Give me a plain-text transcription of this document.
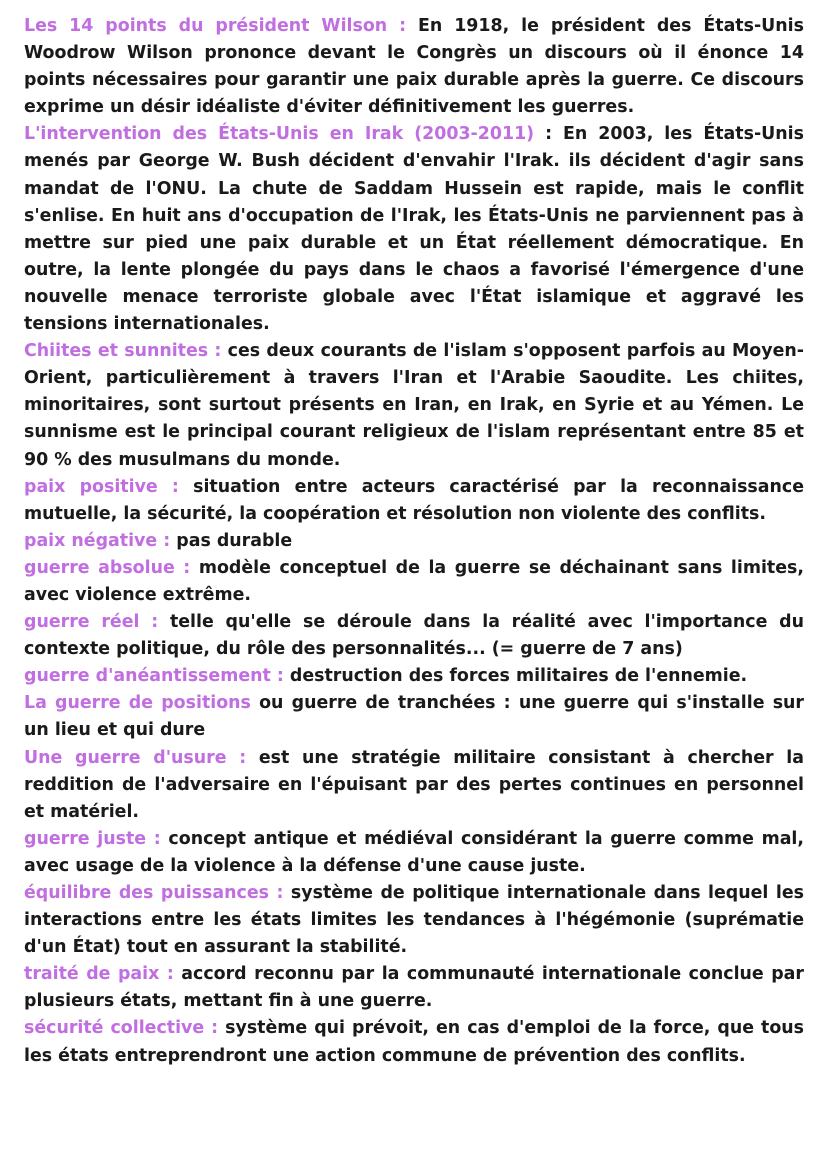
Les 14 points du président Wilson : En 1918, le président des États-Unis Woodrow Wilson prononce devant le Congrès un discours où il énonce 14 points nécessaires pour garantir une paix durable après la guerre. Ce discours exprime un désir idéaliste d'éviter définitivement les guerres.

L'intervention des États-Unis en Irak (2003-2011) : En 2003, les États-Unis menés par George W. Bush décident d'envahir l'Irak. ils décident d'agir sans mandat de l'ONU. La chute de Saddam Hussein est rapide, mais le conflit s'enlise. En huit ans d'occupation de l'Irak, les États-Unis ne parviennent pas à mettre sur pied une paix durable et un État réellement démocratique. En outre, la lente plongée du pays dans le chaos a favorisé l'émergence d'une nouvelle menace terroriste globale avec l'État islamique et aggravé les tensions internationales.

Chiites et sunnites : ces deux courants de l'islam s'opposent parfois au Moyen-Orient, particulièrement à travers l'Iran et l'Arabie Saoudite. Les chiites, minoritaires, sont surtout présents en Iran, en Irak, en Syrie et au Yémen. Le sunnisme est le principal courant religieux de l'islam représentant entre 85 et 90 % des musulmans du monde.

paix positive : situation entre acteurs caractérisé par la reconnaissance mutuelle, la sécurité, la coopération et résolution non violente des conflits.

paix négative : pas durable

guerre absolue : modèle conceptuel de la guerre se déchainant sans limites, avec violence extrême.

guerre réel : telle qu'elle se déroule dans la réalité avec l'importance du contexte politique, du rôle des personnalités... (= guerre de 7 ans)

guerre d'anéantissement : destruction des forces militaires de l'ennemie.

La guerre de positions ou guerre de tranchées : une guerre qui s'installe sur un lieu et qui dure

Une guerre d'usure : est une stratégie militaire consistant à chercher la reddition de l'adversaire en l'épuisant par des pertes continues en personnel et matériel.

guerre juste : concept antique et médiéval considérant la guerre comme mal, avec usage de la violence à la défense d'une cause juste.

équilibre des puissances : système de politique internationale dans lequel les interactions entre les états limites les tendances à l'hégémonie (suprématie d'un État) tout en assurant la stabilité.

traité de paix : accord reconnu par la communauté internationale conclue par plusieurs états, mettant fin à une guerre.

sécurité collective : système qui prévoit, en cas d'emploi de la force, que tous les états entreprendront une action commune de prévention des conflits.
